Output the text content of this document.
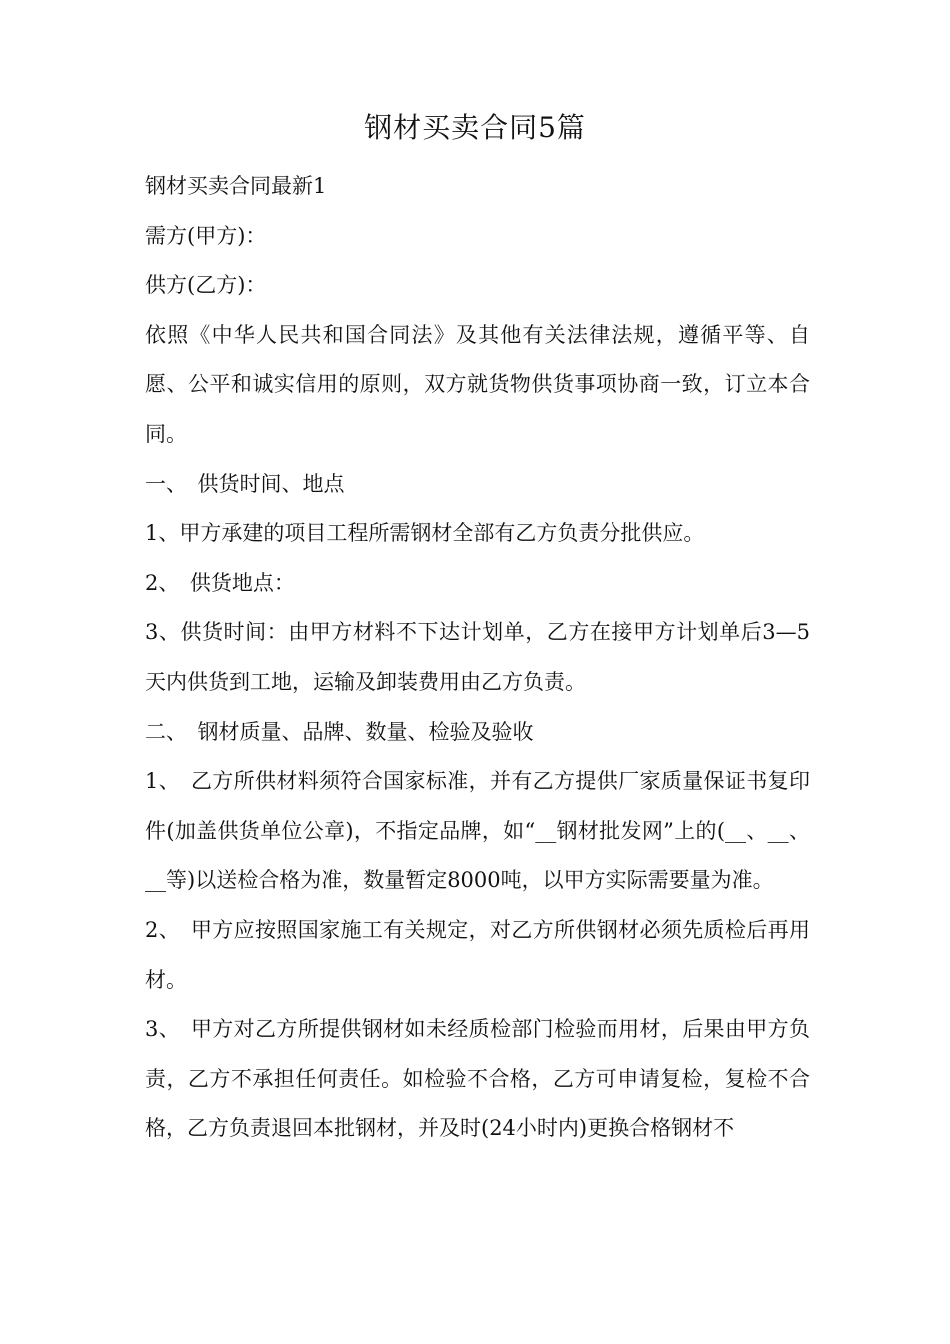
钢材买卖合同5篇

钢材买卖合同最新1

需方(甲方)：

供方(乙方)：

依照《中华人民共和国合同法》及其他有关法律法规，遵循平等、自愿、公平和诚实信用的原则，双方就货物供货事项协商一致，订立本合同。

一、　供货时间、地点

1、甲方承建的项目工程所需钢材全部有乙方负责分批供应。

2、　供货地点：

3、供货时间：由甲方材料不下达计划单，乙方在接甲方计划单后3—5天内供货到工地，运输及卸装费用由乙方负责。

二、　钢材质量、品牌、数量、检验及验收

1、　乙方所供材料须符合国家标准，并有乙方提供厂家质量保证书复印件(加盖供货单位公章)，不指定品牌，如“__钢材批发网”上的(__、__、__等)以送检合格为准，数量暂定8000吨，以甲方实际需要量为准。

2、　甲方应按照国家施工有关规定，对乙方所供钢材必须先质检后再用材。

3、　甲方对乙方所提供钢材如未经质检部门检验而用材，后果由甲方负责，乙方不承担任何责任。如检验不合格，乙方可申请复检，复检不合格，乙方负责退回本批钢材，并及时(24小时内)更换合格钢材不
